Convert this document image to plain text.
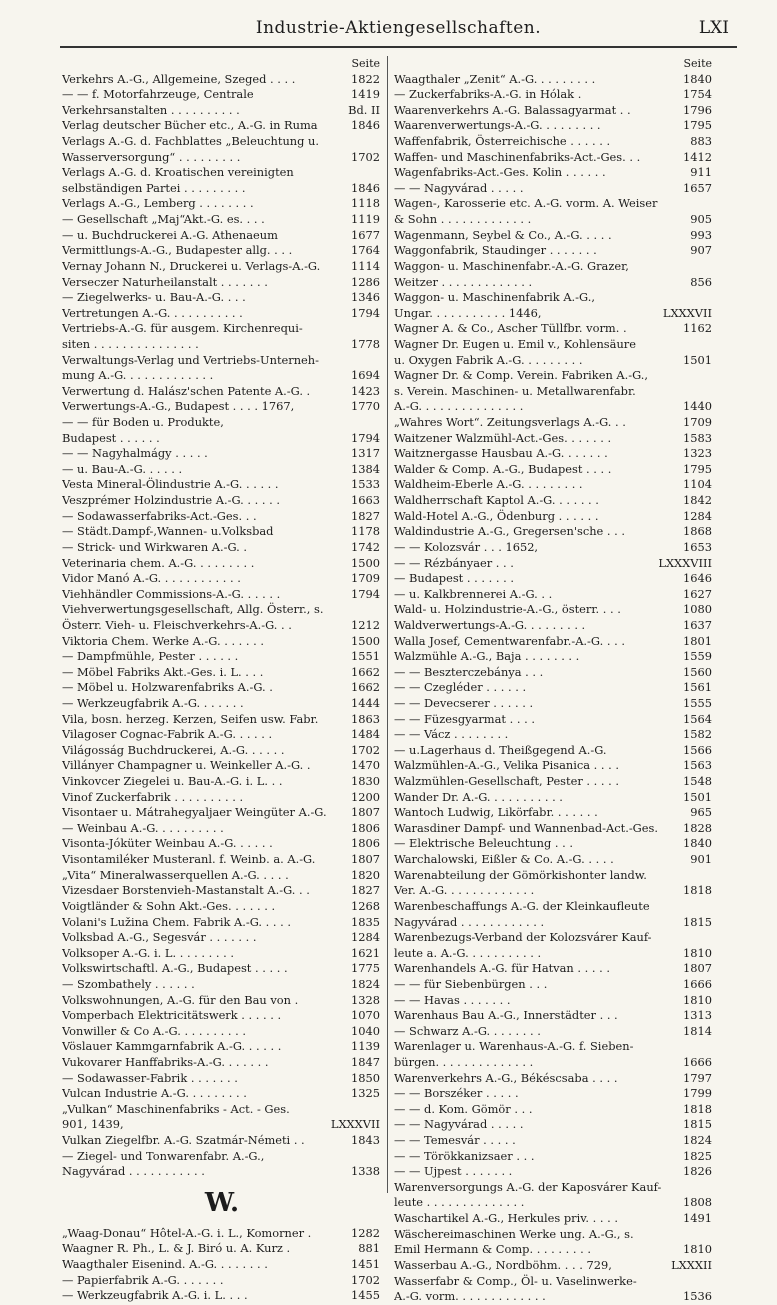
Industrie-Aktiengesellschaften.	LXI
Seite
Verkehrs A.-G., Allgemeine, Szeged . . . .	1822
— — f. Motorfahrzeuge, Centrale	1419
Verkehrsanstalten . . . . . . . . . .	Bd. II
Verlag deutscher Bücher etc., A.-G. in Ruma	1846
Verlags A.-G. d. Fachblattes „Beleuchtung u.
Wasserversorgung“ . . . . . . . . .	1702
Verlags A.-G. d. Kroatischen vereinigten
selbständigen Partei . . . . . . . . .	1846
Verlags A.-G., Lemberg . . . . . . . .	1118
— Gesellschaft „Maj“Akt.-G. es. . . .	1119
— u. Buchdruckerei A.-G. Athenaeum	1677
Vermittlungs-A.-G., Budapester allg. . . .	1764
Vernay Johann N., Druckerei u. Verlags-A.-G.	1114
Verseczer Naturheilanstalt . . . . . . .	1286
— Ziegelwerks- u. Bau-A.-G. . . .	1346
Vertretungen A.-G. . . . . . . . . . .	1794
Vertriebs-A.-G. für ausgem. Kirchenrequi-
siten . . . . . . . . . . . . . . .	1778
Verwaltungs-Verlag und Vertriebs-Unterneh-
mung A.-G. . . . . . . . . . . . .	1694
Verwertung d. Halász'schen Patente A.-G. .	1423
Verwertungs-A.-G., Budapest . . . . 1767,	1770
— — für Boden u. Produkte,
Budapest . . . . . .	1794
— — Nagyhalmágy . . . . .	1317
— u. Bau-A.-G. . . . . .	1384
Vesta Mineral-Ölindustrie A.-G. . . . . .	1533
Veszprémer Holzindustrie A.-G. . . . . .	1663
— Sodawasserfabriks-Act.-Ges. . .	1827
— Städt.Dampf-,Wannen- u.Volksbad	1178
— Strick- und Wirkwaren A.-G. .	1742
Veterinaria chem. A.-G. . . . . . . . .	1500
Vidor Manó A.-G. . . . . . . . . . . .	1709
Viehhändler Commissions-A.-G. . . . . .	1794
Viehverwertungsgesellschaft, Allg. Österr., s.
Österr. Vieh- u. Fleischverkehrs-A.-G. . .	1212
Viktoria Chem. Werke A.-G. . . . . . .	1500
— Dampfmühle, Pester . . . . . .	1551
— Möbel Fabriks Akt.-Ges. i. L. . . .	1662
— Möbel u. Holzwarenfabriks A.-G. .	1662
— Werkzeugfabrik A.-G. . . . . . .	1444
Vila, bosn. herzeg. Kerzen, Seifen usw. Fabr.	1863
Vilagoser Cognac-Fabrik A.-G. . . . . .	1484
Világosság Buchdruckerei, A.-G. . . . . .	1702
Villányer Champagner u. Weinkeller A.-G. .	1470
Vinkovcer Ziegelei u. Bau-A.-G. i. L. . .	1830
Vinof Zuckerfabrik . . . . . . . . . .	1200
Visontaer u. Mátrahegyaljaer Weingüter A.-G.	1807
— Weinbau A.-G. . . . . . . . . .	1806
Visonta-Jóküter Weinbau A.-G. . . . . .	1806
Visontamiléker Musteranl. f. Weinb. a. A.-G.	1807
„Vita“ Mineralwasserquellen A.-G. . . . .	1820
Vizesdaer Borstenvieh-Mastanstalt A.-G. . .	1827
Voigtländer & Sohn Akt.-Ges. . . . . . .	1268
Volani's Lužina Chem. Fabrik A.-G. . . . .	1835
Volksbad A.-G., Segesvár . . . . . . .	1284
Volksoper A.-G. i. L. . . . . . . . .	1621
Volkswirtschaftl. A.-G., Budapest . . . . .	1775
— Szombathely . . . . . .	1824
Volkswohnungen, A.-G. für den Bau von .	1328
Vomperbach Elektricitätswerk . . . . . .	1070
Vonwiller & Co A.-G. . . . . . . . . .	1040
Vöslauer Kammgarnfabrik A.-G. . . . . .	1139
Vukovarer Hanffabriks-A.-G. . . . . . .	1847
— Sodawasser-Fabrik . . . . . . .	1850
Vulcan Industrie A.-G. . . . . . . . .	1325
„Vulkan“ Maschinenfabriks - Act. - Ges.
901, 1439,	LXXXVII
Vulkan Ziegelfbr. A.-G. Szatmár-Németi . .	1843
— Ziegel- und Tonwarenfabr. A.-G.,
Nagyvárad . . . . . . . . . . .	1338
W.
„Waag-Donau“ Hôtel-A.-G. i. L., Komorner .	1282
Waagner R. Ph., L. & J. Biró u. A. Kurz .	881
Waagthaler Eisenind. A.-G. . . . . . . .	1451
— Papierfabrik A.-G. . . . . . .	1702
— Werkzeugfabrik A.-G. i. L. . . .	1455
Seite
Waagthaler „Zenit“ A.-G. . . . . . . . .	1840
— Zuckerfabriks-A.-G. in Hólak .	1754
Waarenverkehrs A.-G. Balassagyarmat . .	1796
Waarenverwertungs-A.-G. . . . . . . . .	1795
Waffenfabrik, Österreichische . . . . . .	883
Waffen- und Maschinenfabriks-Act.-Ges. . .	1412
Wagenfabriks-Act.-Ges. Kolin . . . . . .	911
— — Nagyvárad . . . . .	1657
Wagen-, Karosserie etc. A.-G. vorm. A. Weiser
& Sohn . . . . . . . . . . . . .	905
Wagenmann, Seybel & Co., A.-G. . . . .	993
Waggonfabrik, Staudinger . . . . . . .	907
Waggon- u. Maschinenfabr.-A.-G. Grazer,
Weitzer . . . . . . . . . . . . .	856
Waggon- u. Maschinenfabrik A.-G.,
Ungar. . . . . . . . . . . 1446,	LXXXVII
Wagner A. & Co., Ascher Tüllfbr. vorm. .	1162
Wagner Dr. Eugen u. Emil v., Kohlensäure
u. Oxygen Fabrik A.-G. . . . . . . . .	1501
Wagner Dr. & Comp. Verein. Fabriken A.-G.,
s. Verein. Maschinen- u. Metallwarenfabr.
A.-G. . . . . . . . . . . . . . .	1440
„Wahres Wort“. Zeitungsverlags A.-G. . .	1709
Waitzener Walzmühl-Act.-Ges. . . . . . .	1583
Waitznergasse Hausbau A.-G. . . . . . .	1323
Walder & Comp. A.-G., Budapest . . . .	1795
Waldheim-Eberle A.-G. . . . . . . . .	1104
Waldherrschaft Kaptol A.-G. . . . . . .	1842
Wald-Hotel A.-G., Ödenburg . . . . . .	1284
Waldindustrie A.-G., Gregersen'sche . . .	1868
— — Kolozsvár . . . 1652,	1653
— — Rézbányaer . . .	LXXXVIII
— Budapest . . . . . . .	1646
— u. Kalkbrennerei A.-G. . .	1627
Wald- u. Holzindustrie-A.-G., österr. . . .	1080
Waldverwertungs-A.-G. . . . . . . . .	1637
Walla Josef, Cementwarenfabr.-A.-G. . . .	1801
Walzmühle A.-G., Baja . . . . . . . .	1559
— — Beszterczebánya . . .	1560
— — Czegléder . . . . . .	1561
— — Devecserer . . . . . .	1555
— — Füzesgyarmat . . . .	1564
— — Vácz . . . . . . . .	1582
— u.Lagerhaus d. Theißgegend A.-G.	1566
Walzmühlen-A.-G., Velika Pisanica . . . .	1563
Walzmühlen-Gesellschaft, Pester . . . . .	1548
Wander Dr. A.-G. . . . . . . . . . .	1501
Wantoch Ludwig, Likörfabr. . . . . . .	965
Warasdiner Dampf- und Wannenbad-Act.-Ges.	1828
— Elektrische Beleuchtung . . .	1840
Warchalowski, Eißler & Co. A.-G. . . . .	901
Warenabteilung der Gömörkishonter landw.
Ver. A.-G. . . . . . . . . . . . .	1818
Warenbeschaffungs A.-G. der Kleinkaufleute
Nagyvárad . . . . . . . . . . . .	1815
Warenbezugs-Verband der Kolozsvárer Kauf-
leute a. A.-G. . . . . . . . . . .	1810
Warenhandels A.-G. für Hatvan . . . . .	1807
— — für Siebenbürgen . . .	1666
— — Havas . . . . . . .	1810
Warenhaus Bau A.-G., Innerstädter . . .	1313
— Schwarz A.-G. . . . . . . .	1814
Warenlager u. Warenhaus-A.-G. f. Sieben-
bürgen. . . . . . . . . . . . . .	1666
Warenverkehrs A.-G., Békéscsaba . . . .	1797
— — Borszéker . . . . .	1799
— — d. Kom. Gömör . . .	1818
— — Nagyvárad . . . . .	1815
— — Temesvár . . . . .	1824
— — Törökkanizsaer . . .	1825
— — Ujpest . . . . . . .	1826
Warenversorgungs A.-G. der Kaposvárer Kauf-
leute . . . . . . . . . . . . . .	1808
Waschartikel A.-G., Herkules priv. . . . .	1491
Wäschereimaschinen Werke ung. A.-G., s.
Emil Hermann & Comp. . . . . . . . .	1810
Wasserbau A.-G., Nordböhm. . . . 729,	LXXXII
Wasserfabr & Comp., Öl- u. Vaselinwerke-
A.-G. vorm. . . . . . . . . . . . .	1536
